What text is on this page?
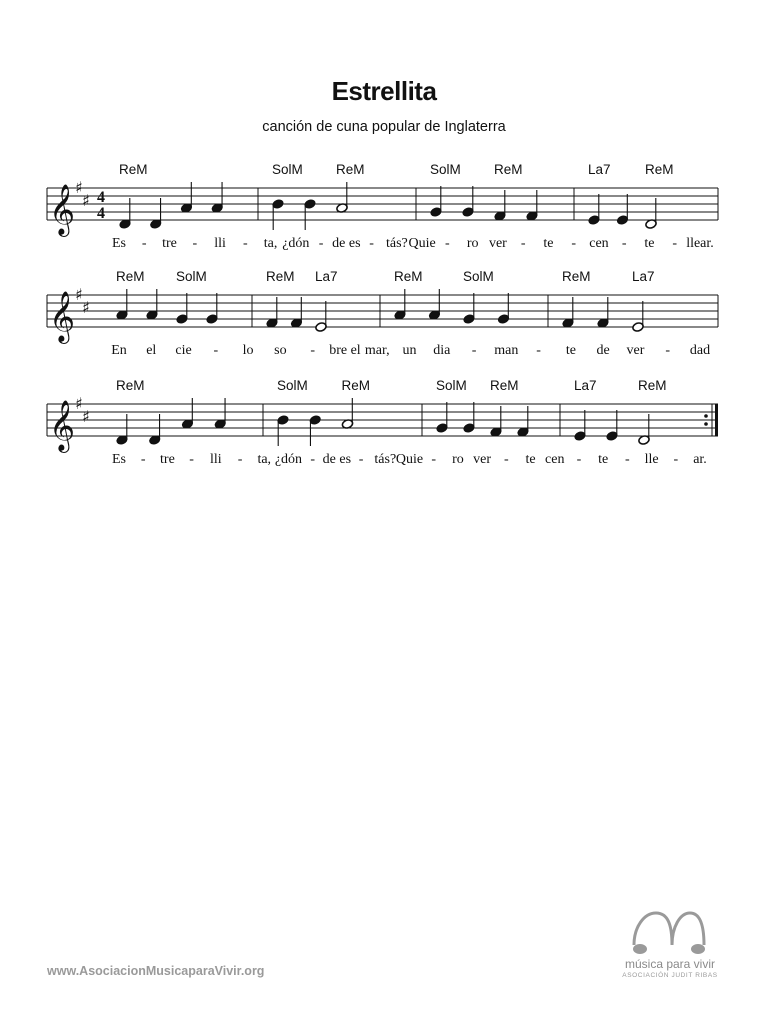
Estrellita
canción de cuna popular de Inglaterra
𝄞 ♯
♯ 4
4
ReM	SolM ReM	SolM ReM	La7	ReM
Es - tre - lli - ta, ¿dón - de es - tás? Quie - ro ver - te - cen - te - llear.
𝄞 ♯
♯
ReM SolM	ReM La7	ReM	SolM	ReM	La7
En el cie - lo so - bre el mar, un dia - man - te de ver - dad
𝄞 ♯
♯
ReM	SolM ReM	SolM ReM	La7	ReM
Es - tre - lli - ta, ¿dón - de es - tás? Quie - ro ver - te cen - te - lle - ar.
www.AsociacionMusicaparaVivir.org	música para vivir
ASOCIACIÓN JUDIT RIBAS
